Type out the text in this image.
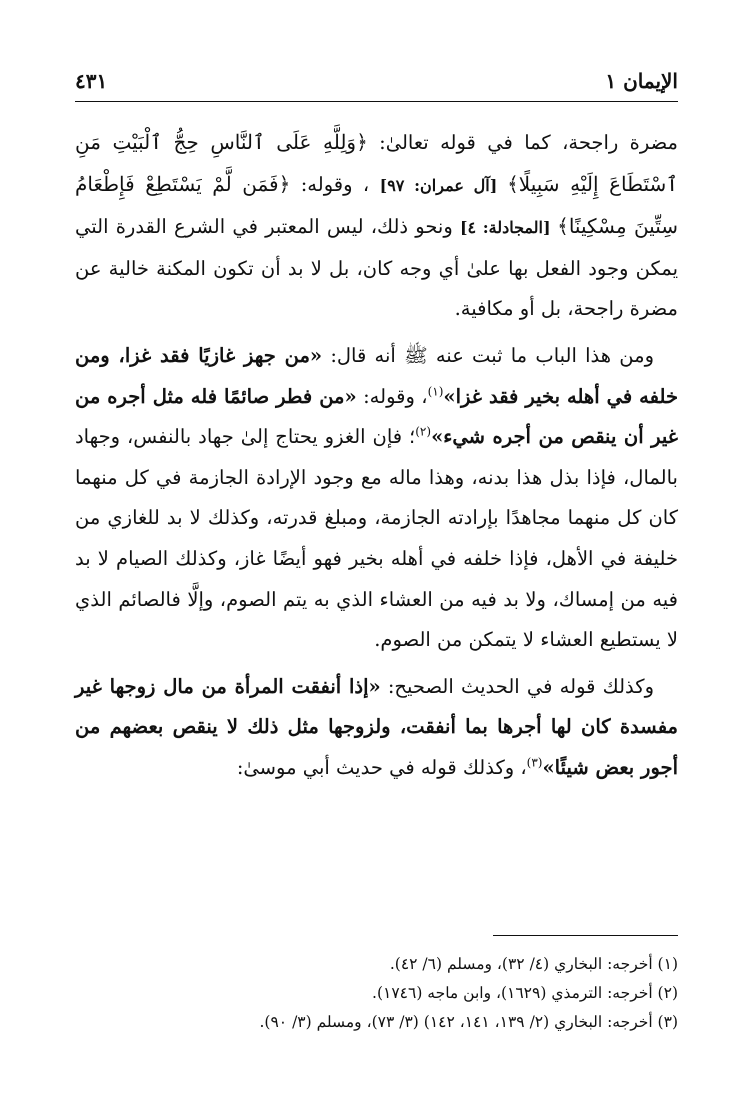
الإيمان ١
٤٣١

مضرة راجحة، كما في قوله تعالىٰ: ﴿وَلِلَّهِ عَلَى ٱلنَّاسِ حِجُّ ٱلْبَيْتِ مَنِ ٱسْتَطَاعَ إِلَيْهِ سَبِيلًا﴾ [آل عمران: ٩٧] ، وقوله: ﴿فَمَن لَّمْ يَسْتَطِعْ فَإِطْعَامُ سِتِّينَ مِسْكِينًا﴾ [المجادلة: ٤] ونحو ذلك، ليس المعتبر في الشرع القدرة التي يمكن وجود الفعل بها علىٰ أي وجه كان، بل لا بد أن تكون المكنة خالية عن مضرة راجحة، بل أو مكافية.

ومن هذا الباب ما ثبت عنه ﷺ أنه قال: «من جهز غازيًا فقد غزا، ومن خلفه في أهله بخير فقد غزا»$^{(١)}$، وقوله: «من فطر صائمًا فله مثل أجره من غير أن ينقص من أجره شيء»$^{(٢)}$؛ فإن الغزو يحتاج إلىٰ جهاد بالنفس، وجهاد بالمال، فإذا بذل هذا بدنه، وهذا ماله مع وجود الإرادة الجازمة في كل منهما كان كل منهما مجاهدًا بإرادته الجازمة، ومبلغ قدرته، وكذلك لا بد للغازي من خليفة في الأهل، فإذا خلفه في أهله بخير فهو أيضًا غاز، وكذلك الصيام لا بد فيه من إمساك، ولا بد فيه من العشاء الذي به يتم الصوم، وإلَّا فالصائم الذي لا يستطيع العشاء لا يتمكن من الصوم.

وكذلك قوله في الحديث الصحيح: «إذا أنفقت المرأة من مال زوجها غير مفسدة كان لها أجرها بما أنفقت، ولزوجها مثل ذلك لا ينقص بعضهم من أجور بعض شيئًا»$^{(٣)}$، وكذلك قوله في حديث أبي موسىٰ:

(١) أخرجه: البخاري (٤/ ٣٢)، ومسلم (٦/ ٤٢).
(٢) أخرجه: الترمذي (١٦٢٩)، وابن ماجه (١٧٤٦).
(٣) أخرجه: البخاري (٢/ ١٣٩، ١٤١، ١٤٢) (٣/ ٧٣)، ومسلم (٣/ ٩٠).
